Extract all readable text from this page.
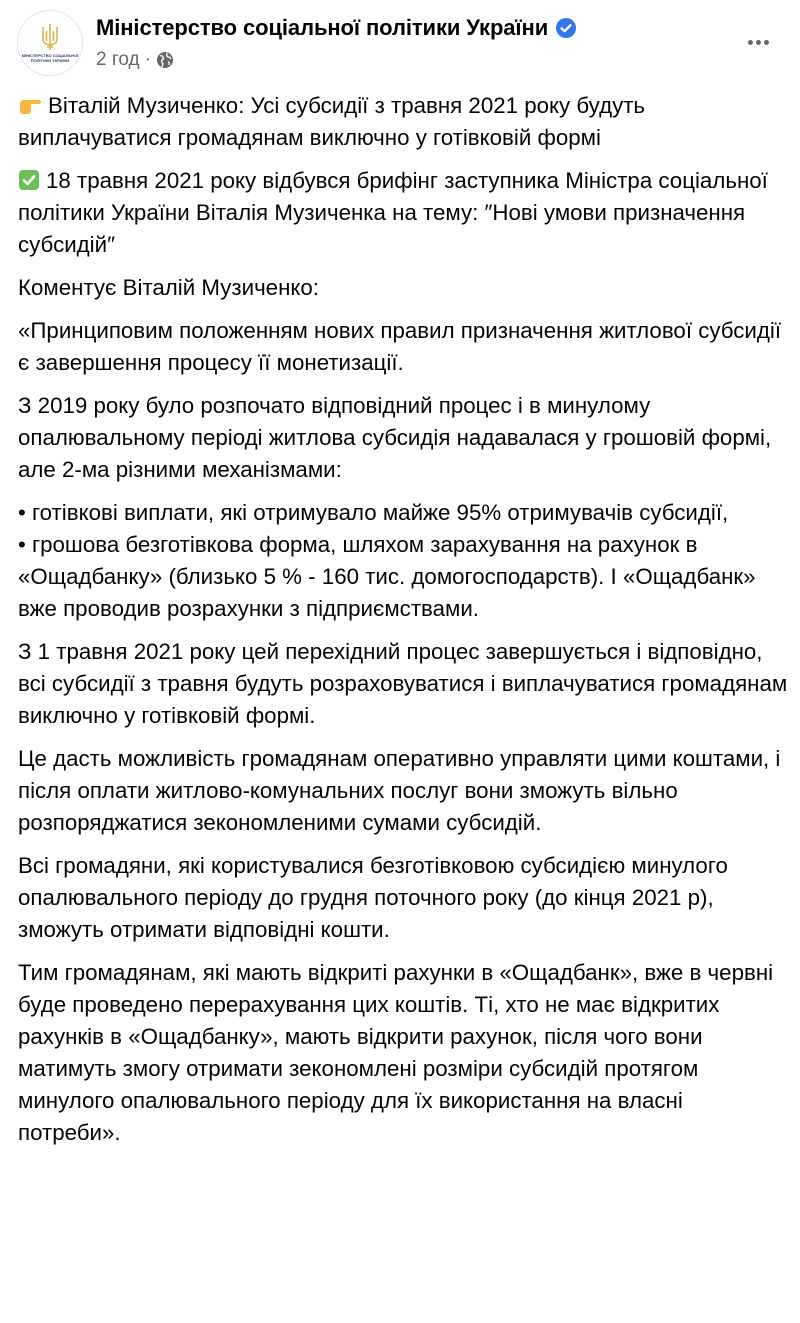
МІНІСТЕРСТВО СОЦІАЛЬНОЇ ПОЛІТИКИ УКРАЇНИ
Міністерство соціальної політики України
2 год ·

Віталій Музиченко: Усі субсидії з травня 2021 року будуть виплачуватися громадянам виключно у готівковій формі

18 травня 2021 року відбувся брифінг заступника Міністра соціальної політики України Віталія Музиченка на тему: ″Нові умови призначення субсидій″

Коментує Віталій Музиченко:

«Принциповим положенням нових правил призначення житлової субсидії є завершення процесу її монетизації.

З 2019 року було розпочато відповідний процес і в минулому опалювальному періоді житлова субсидія надавалася у грошовій формі, але 2-ма різними механізмами:

• готівкові виплати, які отримувало майже 95% отримувачів субсидії,
• грошова безготівкова форма, шляхом зарахування на рахунок в «Ощадбанку» (близько 5 % - 160 тис. домогосподарств). І «Ощадбанк» вже проводив розрахунки з підприємствами.

З 1 травня 2021 року цей перехідний процес завершується і відповідно, всі субсидії з травня будуть розраховуватися і виплачуватися громадянам виключно у готівковій формі.

Це дасть можливість громадянам оперативно управляти цими коштами, і після оплати житлово-комунальних послуг вони зможуть вільно розпоряджатися зекономленими сумами субсидій.

Всі громадяни, які користувалися безготівковою субсидією минулого опалювального періоду до грудня поточного року (до кінця 2021 р), зможуть отримати відповідні кошти.

Тим громадянам, які мають відкриті рахунки в «Ощадбанк», вже в червні буде проведено перерахування цих коштів. Ті, хто не має відкритих рахунків в «Ощадбанку», мають відкрити рахунок, після чого вони матимуть змогу отримати зекономлені розміри субсидій протягом минулого опалювального періоду для їх використання на власні потреби».
